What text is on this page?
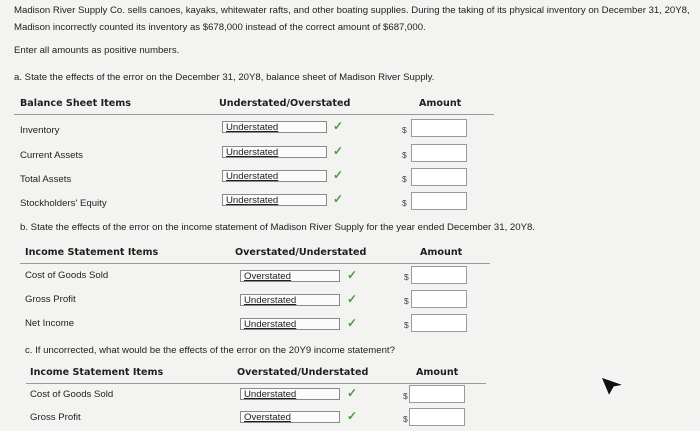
Madison River Supply Co. sells canoes, kayaks, whitewater rafts, and other boating supplies. During the taking of its physical inventory on December 31, 20Y8, Madison incorrectly counted its inventory as $678,000 instead of the correct amount of $687,000.
Enter all amounts as positive numbers.
a. State the effects of the error on the December 31, 20Y8, balance sheet of Madison River Supply.
Balance Sheet Items	Understated/Overstated	Amount
Inventory	Understated	✓	$
Current Assets	Understated	✓	$
Total Assets	Understated	✓	$
Stockholders' Equity	Understated	✓	$
b. State the effects of the error on the income statement of Madison River Supply for the year ended December 31, 20Y8.
Income Statement Items	Overstated/Understated	Amount
Cost of Goods Sold	Overstated	✓	$
Gross Profit	Understated	✓	$
Net Income	Understated	✓	$
c. If uncorrected, what would be the effects of the error on the 20Y9 income statement?
Income Statement Items	Overstated/Understated	Amount
Cost of Goods Sold	Understated	✓	$
Gross Profit	Overstated	✓	$
